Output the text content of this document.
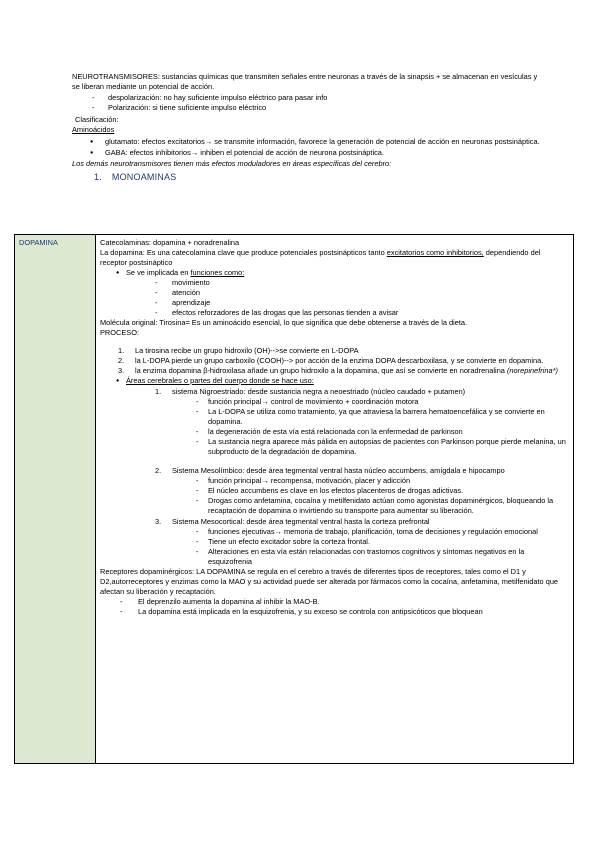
NEUROTRANSMISORES: sustancias químicas que transmiten señales entre neuronas a través de la sinapsis + se almacenan en vesículas y se liberan mediante un potencial de acción.

- despolarización: no hay suficiente impulso eléctrico para pasar info
- Polarización: si tiene suficiente impulso eléctrico

Clasificación:

Aminoácidos

● glutamato: efectos excitatorios→ se transmite información, favorece la generación de potencial de acción en neuronas postsináptica.
● GABA: efectos inhibitorios→ inhiben el potencial de acción de neurona postsináptica.

Los demás neurotransmisores tienen más efectos moduladores en áreas específicas del cerebro:

1. MONOAMINAS

DOPAMINA	Catecolaminas: dopamina + noradrenalina

La dopamina: Es una catecolamina clave que produce potenciales postsinápticos tanto excitatorios como inhibitorios, dependiendo del receptor postsináptico

● Se ve implicada en funciones como:
- movimiento
- atención
- aprendizaje
- efectos reforzadores de las drogas que las personas tienden a avisar

Molécula original: Tirosina= Es un aminoácido esencial, lo que significa que debe obtenerse a través de la dieta.

PROCESO:

1. La tirosina recibe un grupo hidroxilo (OH)-->se convierte en L-DOPA
2. la L-DOPA pierde un grupo carboxilo (COOH)--> por acción de la enzima DOPA descarboxilasa, y se convierte en dopamina.
3. la enzima dopamina β-hidroxilasa añade un grupo hidroxilo a la dopamina, que así se convierte en noradrenalina (norepinefrina*)
● Áreas cerebrales o partes del cuerpo donde se hace uso:
1. sistema Nigroestriado: desde sustancia negra a neoestriado (núcleo caudado + putamen)
- función principal→ control de movimiento + coordinación motora
- La L-DOPA se utiliza como tratamiento, ya que atraviesa la barrera hematoencefálica y se convierte en dopamina.
- la degeneración de esta vía está relacionada con la enfermedad de parkinson
- La sustancia negra aparece más pálida en autopsias de pacientes con Parkinson porque pierde melanina, un subproducto de la degradación de dopamina.
2. Sistema Mesolímbico: desde área tegmental ventral hasta núcleo accumbens, amígdala e hipocampo
- función principal→ recompensa, motivación, placer y adicción
- El núcleo accumbens es clave en los efectos placenteros de drogas adictivas.
- Drogas como anfetamina, cocaína y metilfenidato actúan como agonistas dopaminérgicos, bloqueando la recaptación de dopamina o invirtiendo su transporte para aumentar su liberación.
3. Sistema Mesocortical: desde área tegmental ventral hasta la corteza prefrontal
- funciones ejecutivas→ memoria de trabajo, planificación, toma de decisiones y regulación emocional
- Tiene un efecto excitador sobre la corteza frontal.
- Alteraciones en esta vía están relacionadas con trastornos cognitivos y síntomas negativos en la esquizofrenia

Receptores dopaminérgicos: LA DOPAMINA se regula en el cerebro a través de diferentes tipos de receptores, tales como el D1 y D2,autorreceptores y enzimas como la MAO y su actividad puede ser alterada por fármacos como la cocaína, anfetamina, metilfenidato que afectan su liberación y recaptación.

- El deprenzilo aumenta la dopamina al inhibir la MAO-B.
- La dopamina está implicada en la esquizofrenia, y su exceso se controla con antipsicóticos que bloquean
